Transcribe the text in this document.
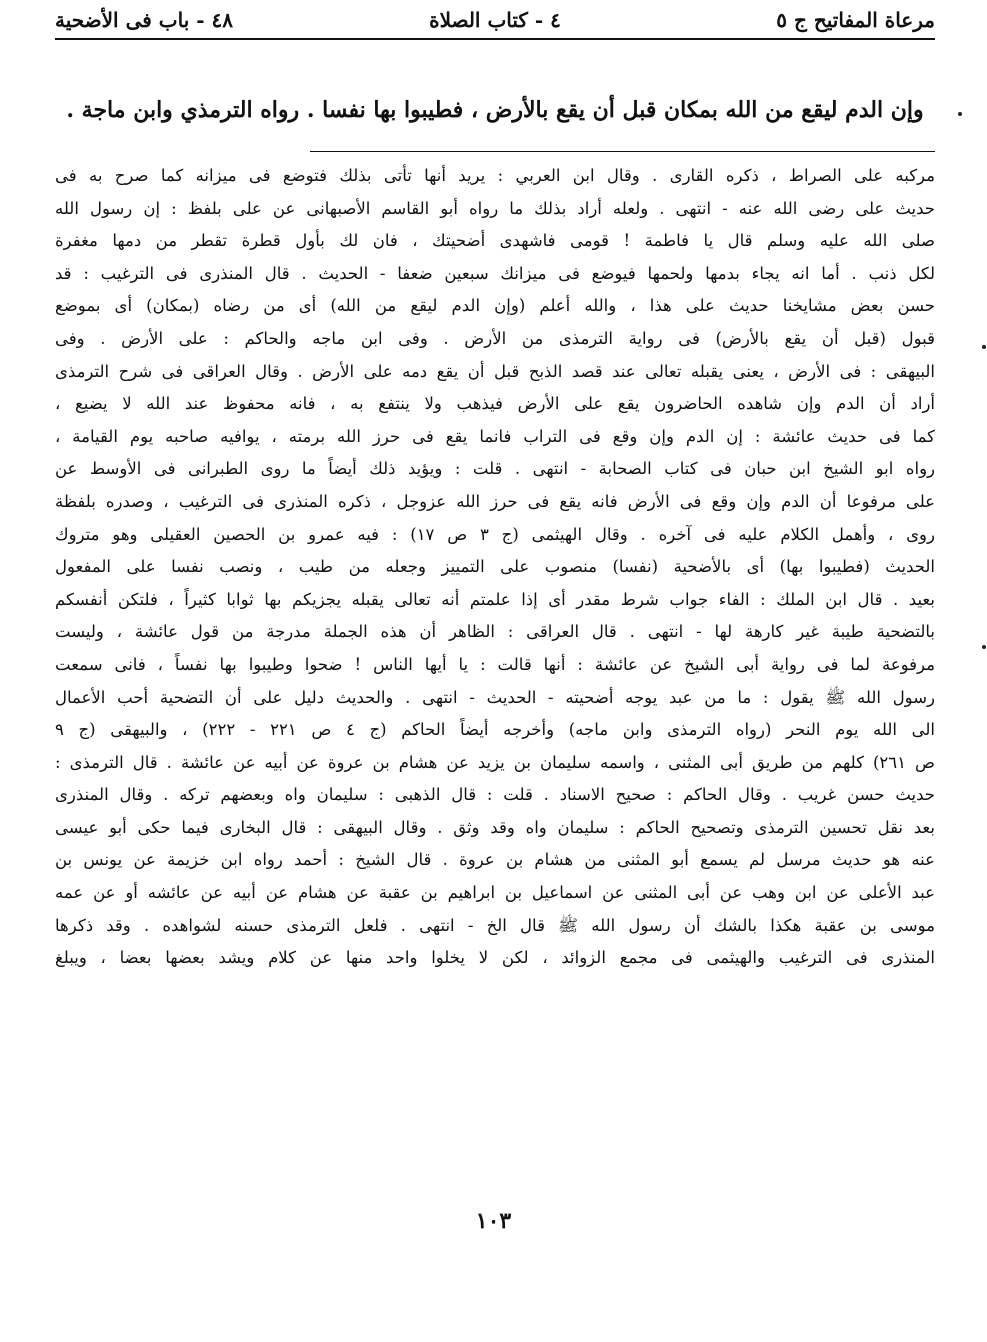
مرعاة المفاتيح ج ٥
٤ - كتاب الصلاة
٤٨ - باب فى الأضحية
وإن الدم ليقع من الله بمكان قبل أن يقع بالأرض ، فطيبوا بها نفسا . رواه الترمذي وابن ماجة .
مركبه على الصراط ، ذكره القارى . وقال ابن العربي : يريد أنها تأتى بذلك فتوضع فى ميزانه كما صرح به فى
حديث على رضى الله عنه - انتهى . ولعله أراد بذلك ما رواه أبو القاسم الأصبهانى عن على بلفظ : إن رسول الله
صلى الله عليه وسلم قال يا فاطمة ! قومى فاشهدى أضحيتك ، فان لك بأول قطرة تقطر من دمها مغفرة
لكل ذنب . أما انه يجاء بدمها ولحمها فيوضع فى ميزانك سبعين ضعفا - الحديث . قال المنذرى فى الترغيب : قد
حسن بعض مشايخنا حديث على هذا ، والله أعلم (وإن الدم ليقع من الله) أى من رضاه (بمكان) أى بموضع
قبول (قبل أن يقع بالأرض) فى رواية الترمذى من الأرض . وفى ابن ماجه والحاكم : على الأرض . وفى
البيهقى : فى الأرض ، يعنى يقبله تعالى عند قصد الذبح قبل أن يقع دمه على الأرض . وقال العراقى فى شرح الترمذى
أراد أن الدم وإن شاهده الحاضرون يقع على الأرض فيذهب ولا ينتفع به ، فانه محفوظ عند الله لا يضيع ،
كما فى حديث عائشة : إن الدم وإن وقع فى التراب فانما يقع فى حرز الله برمته ، يوافيه صاحبه يوم القيامة ،
رواه ابو الشيخ ابن حبان فى كتاب الصحابة - انتهى . قلت : ويؤيد ذلك أيضاً ما روى الطبرانى فى الأوسط عن
على مرفوعا أن الدم وإن وقع فى الأرض فانه يقع فى حرز الله عزوجل ، ذكره المنذرى فى الترغيب ، وصدره بلفظة
روى ، وأهمل الكلام عليه فى آخره . وقال الهيثمى (ج ٣ ص ١٧) : فيه عمرو بن الحصين العقيلى وهو متروك
الحديث (فطيبوا بها) أى بالأضحية (نفسا) منصوب على التمييز وجعله من طيب ، ونصب نفسا على المفعول
بعيد . قال ابن الملك : الفاء جواب شرط مقدر أى إذا علمتم أنه تعالى يقبله يجزيكم بها ثوابا كثيراً ، فلتكن أنفسكم
بالتضحية طيبة غير كارهة لها - انتهى . قال العراقى : الظاهر أن هذه الجملة مدرجة من قول عائشة ، وليست
مرفوعة لما فى رواية أبى الشيخ عن عائشة : أنها قالت : يا أيها الناس ! ضحوا وطيبوا بها نفساً ، فانى سمعت
رسول الله ﷺ يقول : ما من عبد يوجه أضحيته - الحديث - انتهى . والحديث دليل على أن التضحية أحب الأعمال
الى الله يوم النحر (رواه الترمذى وابن ماجه) وأخرجه أيضاً الحاكم (ج ٤ ص ٢٢١ - ٢٢٢) ، والبيهقى (ج ٩
ص ٢٦١) كلهم من طريق أبى المثنى ، واسمه سليمان بن يزيد عن هشام بن عروة عن أبيه عن عائشة . قال الترمذى :
حديث حسن غريب . وقال الحاكم : صحيح الاسناد . قلت : قال الذهبى : سليمان واه وبعضهم تركه . وقال المنذرى
بعد نقل تحسين الترمذى وتصحيح الحاكم : سليمان واه وقد وثق . وقال البيهقى : قال البخارى فيما حكى أبو عيسى
عنه هو حديث مرسل لم يسمع أبو المثنى من هشام بن عروة . قال الشيخ : أحمد رواه ابن خزيمة عن يونس بن
عبد الأعلى عن ابن وهب عن أبى المثنى عن اسماعيل بن ابراهيم بن عقبة عن هشام عن أبيه عن عائشه أو عن عمه
موسى بن عقبة هكذا بالشك أن رسول الله ﷺ قال الخ - انتهى . فلعل الترمذى حسنه لشواهده . وقد ذكرها
المنذرى فى الترغيب والهيثمى فى مجمع الزوائد ، لكن لا يخلوا واحد منها عن كلام ويشد بعضها بعضا ، ويبلغ
١٠٣
